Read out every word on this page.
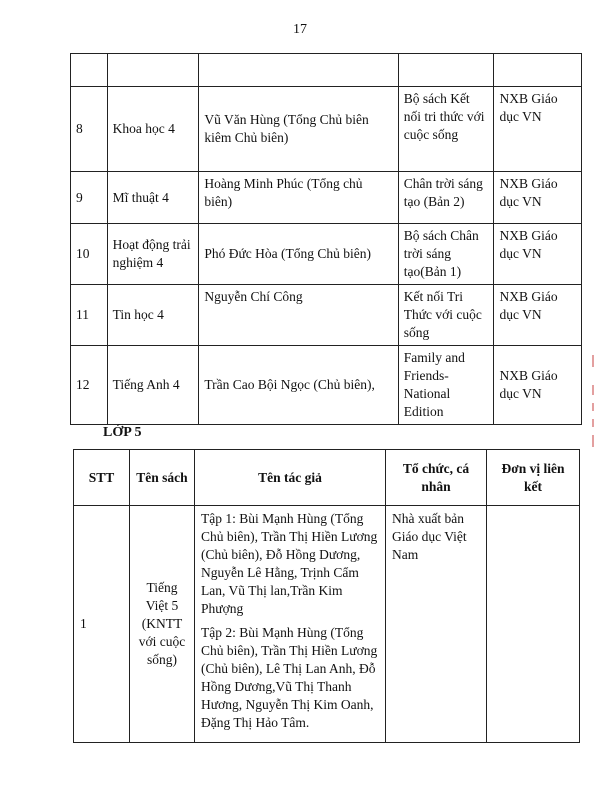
17

8	Khoa học 4	Vũ Văn Hùng (Tổng Chủ biên kiêm Chủ biên)	Bộ sách Kết nối tri thức với cuộc sống	NXB Giáo dục VN
9	Mĩ thuật 4	Hoàng Minh Phúc (Tổng chủ biên)	Chân trời sáng tạo (Bản 2)	NXB Giáo dục VN
10	Hoạt động trải nghiệm 4	Phó Đức Hòa (Tổng Chủ biên)	Bộ sách Chân trời sáng tạo(Bản 1)	NXB Giáo dục VN
11	Tin học 4	Nguyễn Chí Công	Kết nối Tri Thức với cuộc sống	NXB Giáo dục VN
12	Tiếng Anh 4	Trần Cao Bội Ngọc (Chủ biên),	Family and Friends-National Edition	NXB Giáo dục VN
LỚP 5
STT	Tên sách	Tên tác giả	Tổ chức, cá nhân	Đơn vị liên kết
1	Tiếng Việt 5 (KNTT với cuộc sống)	Tập 1: Bùi Mạnh Hùng (Tổng Chủ biên), Trần Thị Hiền Lương (Chủ biên), Đỗ Hồng Dương, Nguyễn Lê Hằng, Trịnh Cẩm Lan, Vũ Thị lan,Trần Kim Phượng
Tập 2: Bùi Mạnh Hùng (Tổng Chủ biên), Trần Thị Hiền Lương (Chủ biên), Lê Thị Lan Anh, Đỗ Hồng Dương,Vũ Thị Thanh Hương, Nguyễn Thị Kim Oanh, Đặng Thị Hảo Tâm.	Nhà xuất bản Giáo dục Việt Nam	
